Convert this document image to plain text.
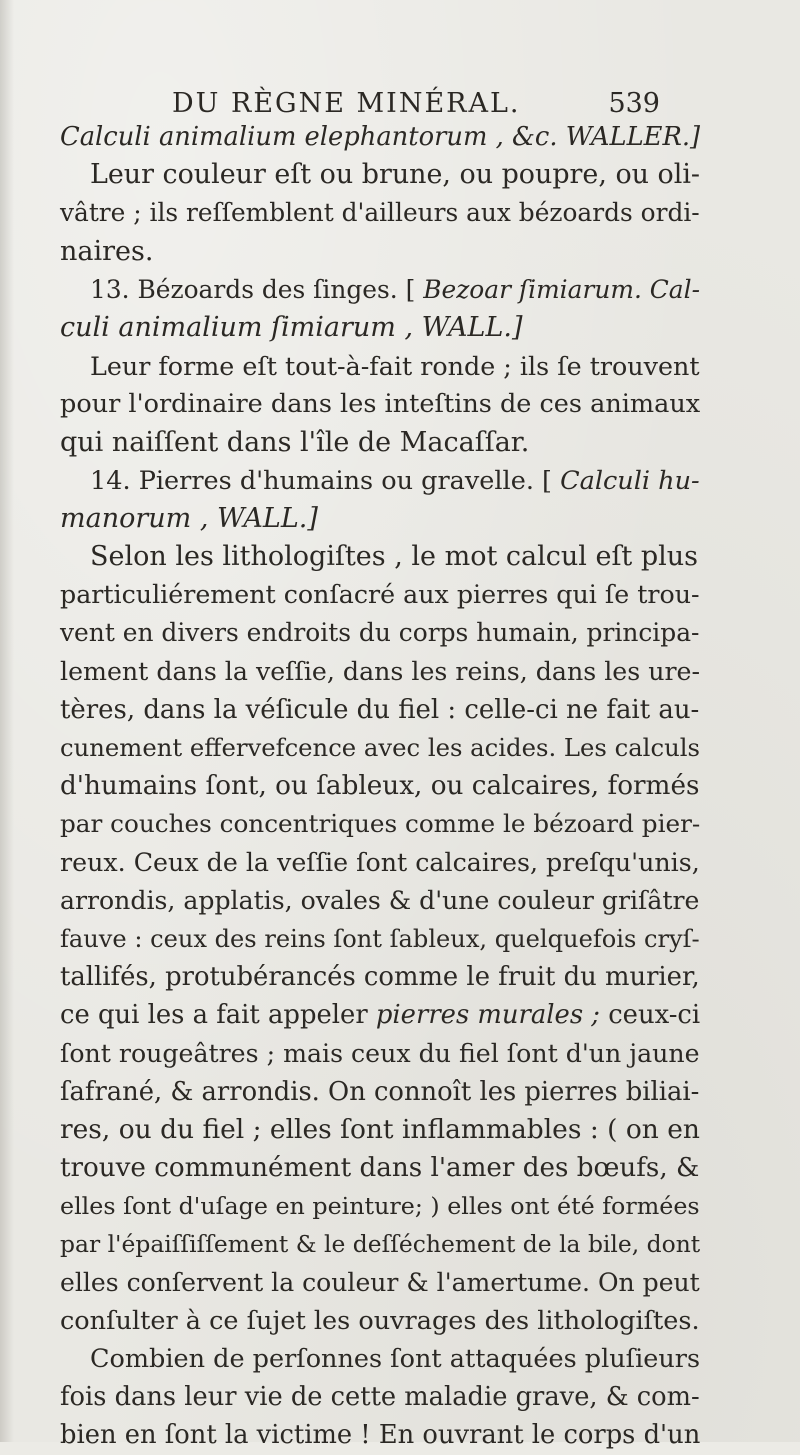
DU RÈGNE MINÉRAL.	539
Calculi animalium elephantorum , &c. WALLER.]
Leur couleur eſt ou brune, ou poupre, ou oli-
vâtre ; ils reſſemblent d'ailleurs aux bézoards ordi-
naires.
13. Bézoards des ſinges. [ Bezoar ſimiarum. Cal-
culi animalium ſimiarum , WALL.]
Leur forme eſt tout-à-fait ronde ; ils ſe trouvent
pour l'ordinaire dans les inteſtins de ces animaux
qui naiſſent dans l'île de Macaſſar.
14. Pierres d'humains ou gravelle. [ Calculi hu-
manorum , WALL.]
Selon les lithologiſtes , le mot calcul eſt plus
particuliérement conſacré aux pierres qui ſe trou-
vent en divers endroits du corps humain, principa-
lement dans la veſſie, dans les reins, dans les ure-
tères, dans la véſicule du fiel : celle-ci ne fait au-
cunement effervefcence avec les acides. Les calculs
d'humains ſont, ou ſableux, ou calcaires, formés
par couches concentriques comme le bézoard pier-
reux. Ceux de la veſſie ſont calcaires, preſqu'unis,
arrondis, applatis, ovales & d'une couleur griſâtre
fauve : ceux des reins ſont ſableux, quelquefois cryſ-
tallifés, protubérancés comme le fruit du murier,
ce qui les a fait appeler pierres murales ; ceux-ci
ſont rougeâtres ; mais ceux du fiel ſont d'un jaune
ſafrané, & arrondis. On connoît les pierres biliai-
res, ou du fiel ; elles ſont inflammables : ( on en
trouve communément dans l'amer des bœufs, &
elles ſont d'uſage en peinture; ) elles ont été formées
par l'épaiſſiſſement & le deſſéchement de la bile, dont
elles conſervent la couleur & l'amertume. On peut
conſulter à ce ſujet les ouvrages des lithologiſtes.
Combien de perſonnes ſont attaquées pluſieurs
fois dans leur vie de cette maladie grave, & com-
bien en ſont la victime ! En ouvrant le corps d'un
